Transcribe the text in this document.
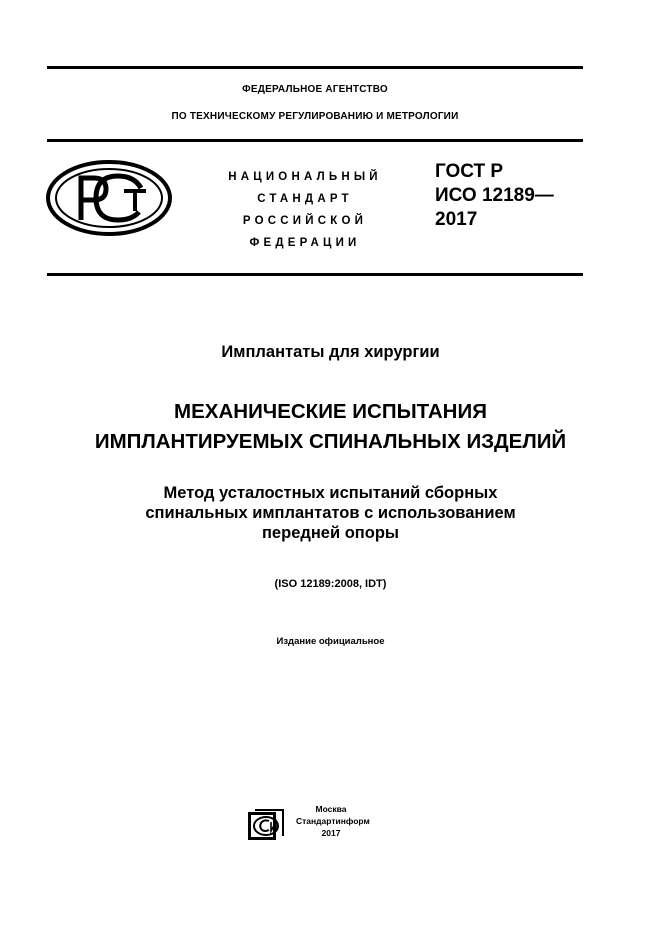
ФЕДЕРАЛЬНОЕ АГЕНТСТВО
ПО ТЕХНИЧЕСКОМУ РЕГУЛИРОВАНИЮ И МЕТРОЛОГИИ
НАЦИОНАЛЬНЫЙ
СТАНДАРТ
РОССИЙСКОЙ
ФЕДЕРАЦИИ
ГОСТ Р
ИСО 12189—
2017
Имплантаты для хирургии
МЕХАНИЧЕСКИЕ ИСПЫТАНИЯ
ИМПЛАНТИРУЕМЫХ СПИНАЛЬНЫХ ИЗДЕЛИЙ
Метод усталостных испытаний сборных
спинальных имплантатов с использованием
передней опоры
(ISO 12189:2008, IDT)
Издание официальное
Москва
Стандартинформ
2017
